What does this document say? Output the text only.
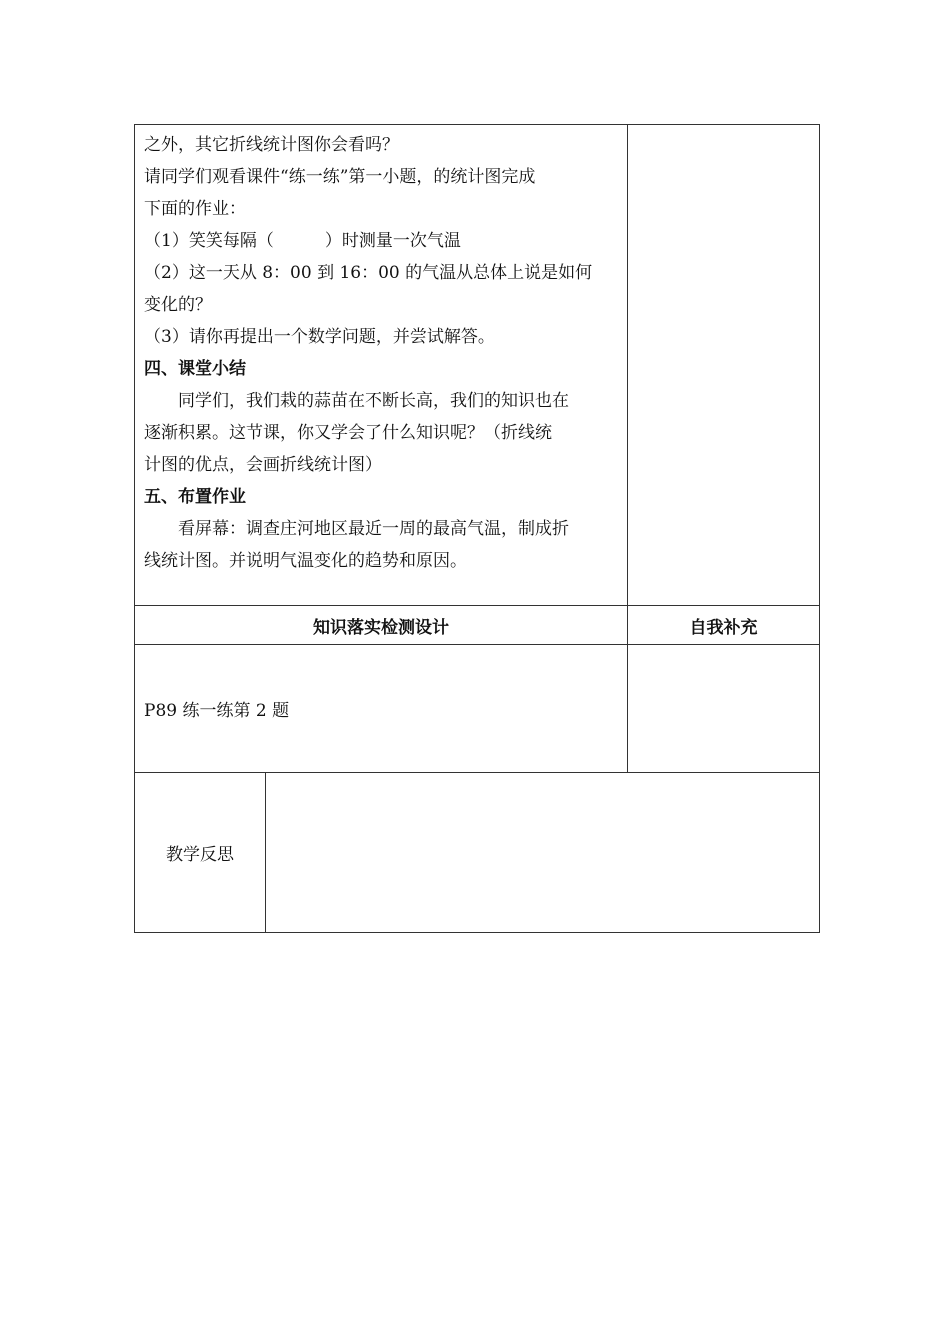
之外，其它折线统计图你会看吗？
请同学们观看课件“练一练”第一小题，的统计图完成
下面的作业：
（1）笑笑每隔（　　　）时测量一次气温
（2）这一天从 8：00 到 16：00 的气温从总体上说是如何
变化的？
（3）请你再提出一个数学问题，并尝试解答。
四、课堂小结
同学们，我们栽的蒜苗在不断长高，我们的知识也在
逐渐积累。这节课，你又学会了什么知识呢？（折线统
计图的优点，会画折线统计图）
五、布置作业
看屏幕：调查庄河地区最近一周的最高气温，制成折
线统计图。并说明气温变化的趋势和原因。
知识落实检测设计	自我补充
P89 练一练第 2 题
教学反思
